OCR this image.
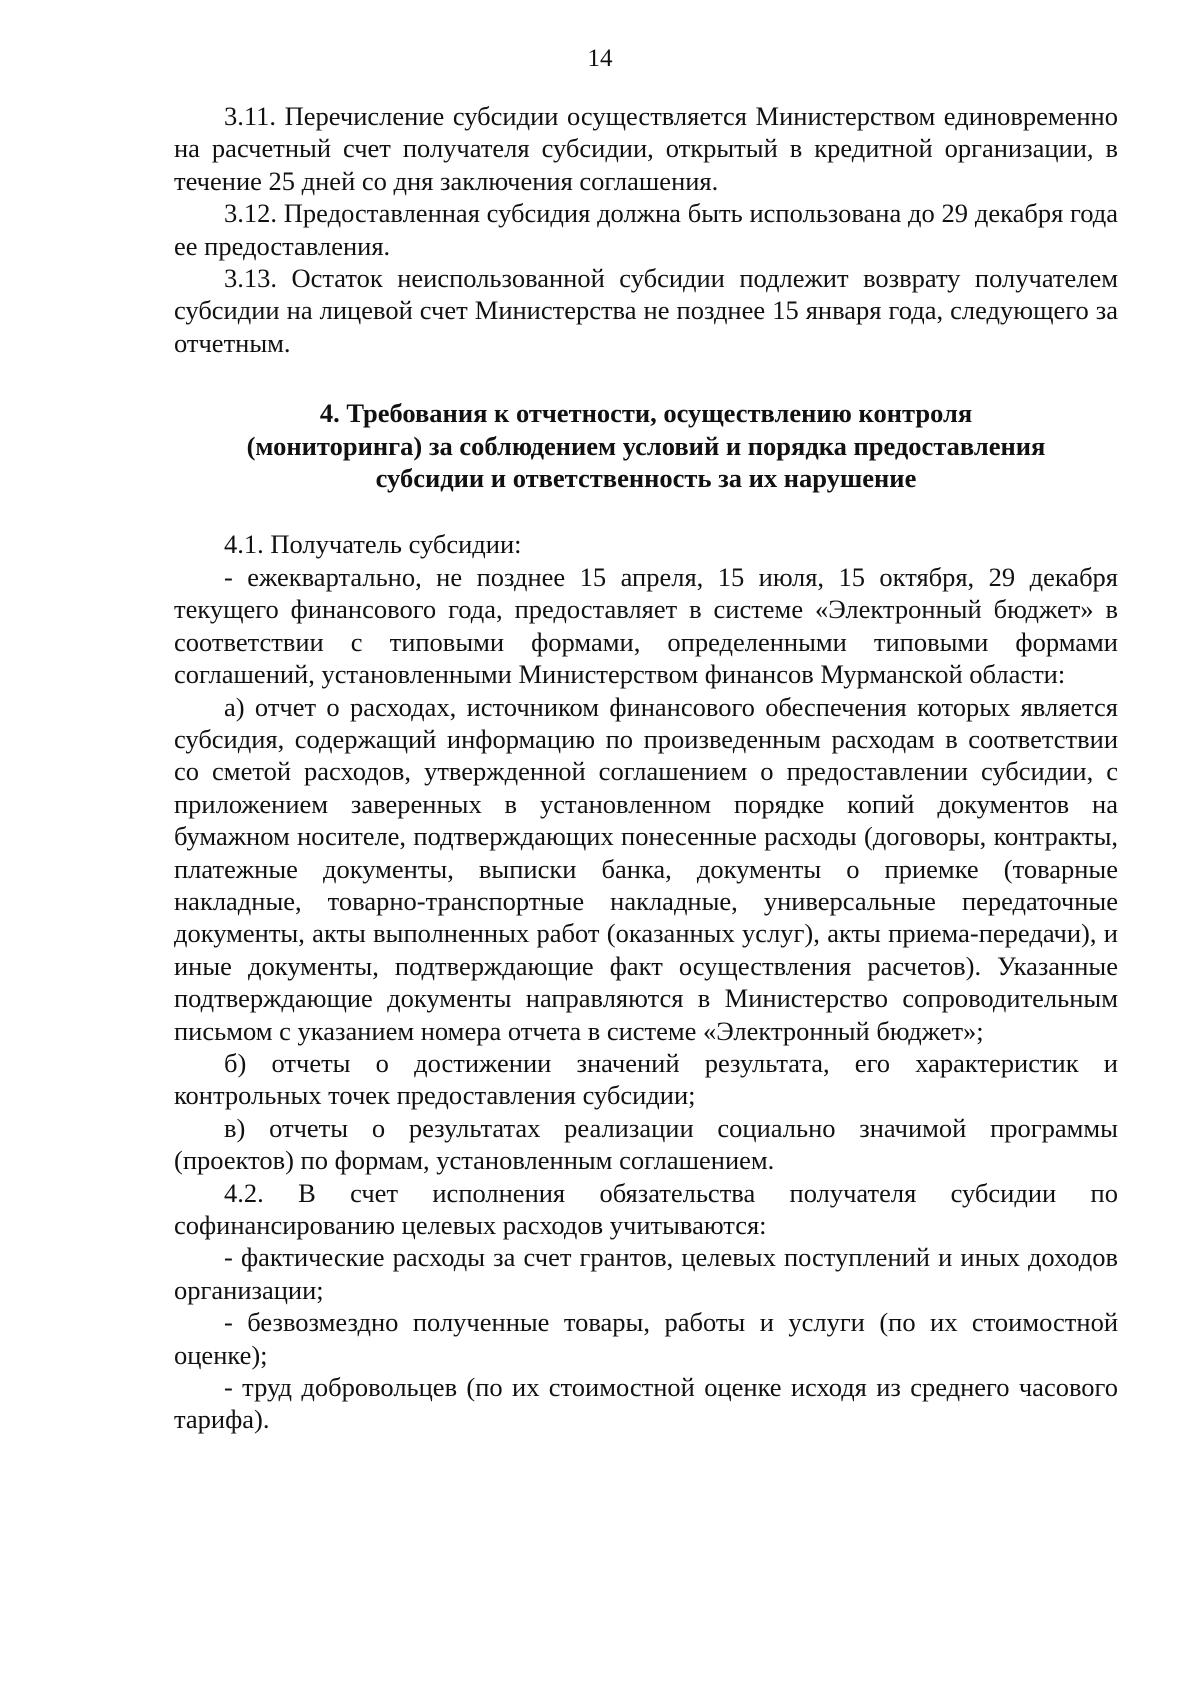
14

3.11. Перечисление субсидии осуществляется Министерством единовременно на расчетный счет получателя субсидии, открытый в кредитной организации, в течение 25 дней со дня заключения соглашения.

3.12. Предоставленная субсидия должна быть использована до 29 декабря года ее предоставления.

3.13. Остаток неиспользованной субсидии подлежит возврату получателем субсидии на лицевой счет Министерства не позднее 15 января года, следующего за отчетным.

4. Требования к отчетности, осуществлению контроля
(мониторинга) за соблюдением условий и порядка предоставления
субсидии и ответственность за их нарушение

4.1. Получатель субсидии:

- ежеквартально, не позднее 15 апреля, 15 июля, 15 октября, 29 декабря текущего финансового года, предоставляет в системе «Электронный бюджет» в соответствии с типовыми формами, определенными типовыми формами соглашений, установленными Министерством финансов Мурманской области:

а) отчет о расходах, источником финансового обеспечения которых является субсидия, содержащий информацию по произведенным расходам в соответствии со сметой расходов, утвержденной соглашением о предоставлении субсидии, с приложением заверенных в установленном порядке копий документов на бумажном носителе, подтверждающих понесенные расходы (договоры, контракты, платежные документы, выписки банка, документы о приемке (товарные накладные, товарно-транспортные накладные, универсальные передаточные документы, акты выполненных работ (оказанных услуг), акты приема-передачи), и иные документы, подтверждающие факт осуществления расчетов). Указанные подтверждающие документы направляются в Министерство сопроводительным письмом с указанием номера отчета в системе «Электронный бюджет»;

б) отчеты о достижении значений результата, его характеристик и контрольных точек предоставления субсидии;

в) отчеты о результатах реализации социально значимой программы (проектов) по формам, установленным соглашением.

4.2. В счет исполнения обязательства получателя субсидии по софинансированию целевых расходов учитываются:

- фактические расходы за счет грантов, целевых поступлений и иных доходов организации;

- безвозмездно полученные товары, работы и услуги (по их стоимостной оценке);

- труд добровольцев (по их стоимостной оценке исходя из среднего часового тарифа).
